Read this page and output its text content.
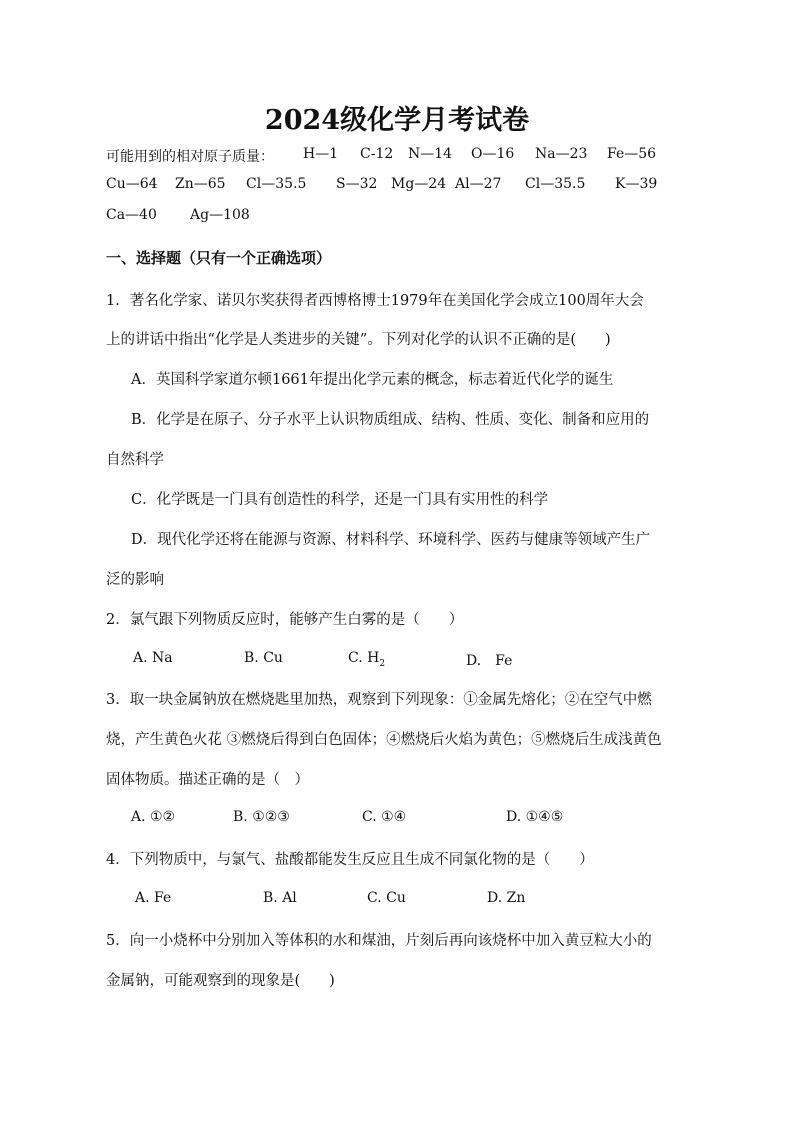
2024级化学月考试卷
可能用到的相对原子质量： H—1 C-12 N—14 O—16 Na—23 Fe—56
Cu—64 Zn—65 Cl—35.5 S—32 Mg—24 Al—27 Cl—35.5 K—39
Ca—40 Ag—108
一、选择题（只有一个正确选项）
1．著名化学家、诺贝尔奖获得者西博格博士1979年在美国化学会成立100周年大会
上的讲话中指出“化学是人类进步的关键”。下列对化学的认识不正确的是(　　)
A．英国科学家道尔顿1661年提出化学元素的概念，标志着近代化学的诞生
B．化学是在原子、分子水平上认识物质组成、结构、性质、变化、制备和应用的
自然科学
C．化学既是一门具有创造性的科学，还是一门具有实用性的科学
D．现代化学还将在能源与资源、材料科学、环境科学、医药与健康等领域产生广
泛的影响
2．氯气跟下列物质反应时，能够产生白雾的是（　　）
A. Na	B. Cu	C. $H_2$	D.　Fe
3．取一块金属钠放在燃烧匙里加热，观察到下列现象：①金属先熔化；②在空气中燃
烧，产生黄色火花 ③燃烧后得到白色固体；④燃烧后火焰为黄色；⑤燃烧后生成浅黄色
固体物质。描述正确的是（　）
A. ①②	B. ①②③	C. ①④	D. ①④⑤
4．下列物质中，与氯气、盐酸都能发生反应且生成不同氯化物的是（　　）
A. Fe	B. Al	C. Cu	D. Zn
5．向一小烧杯中分别加入等体积的水和煤油，片刻后再向该烧杯中加入黄豆粒大小的
金属钠，可能观察到的现象是(　　)
